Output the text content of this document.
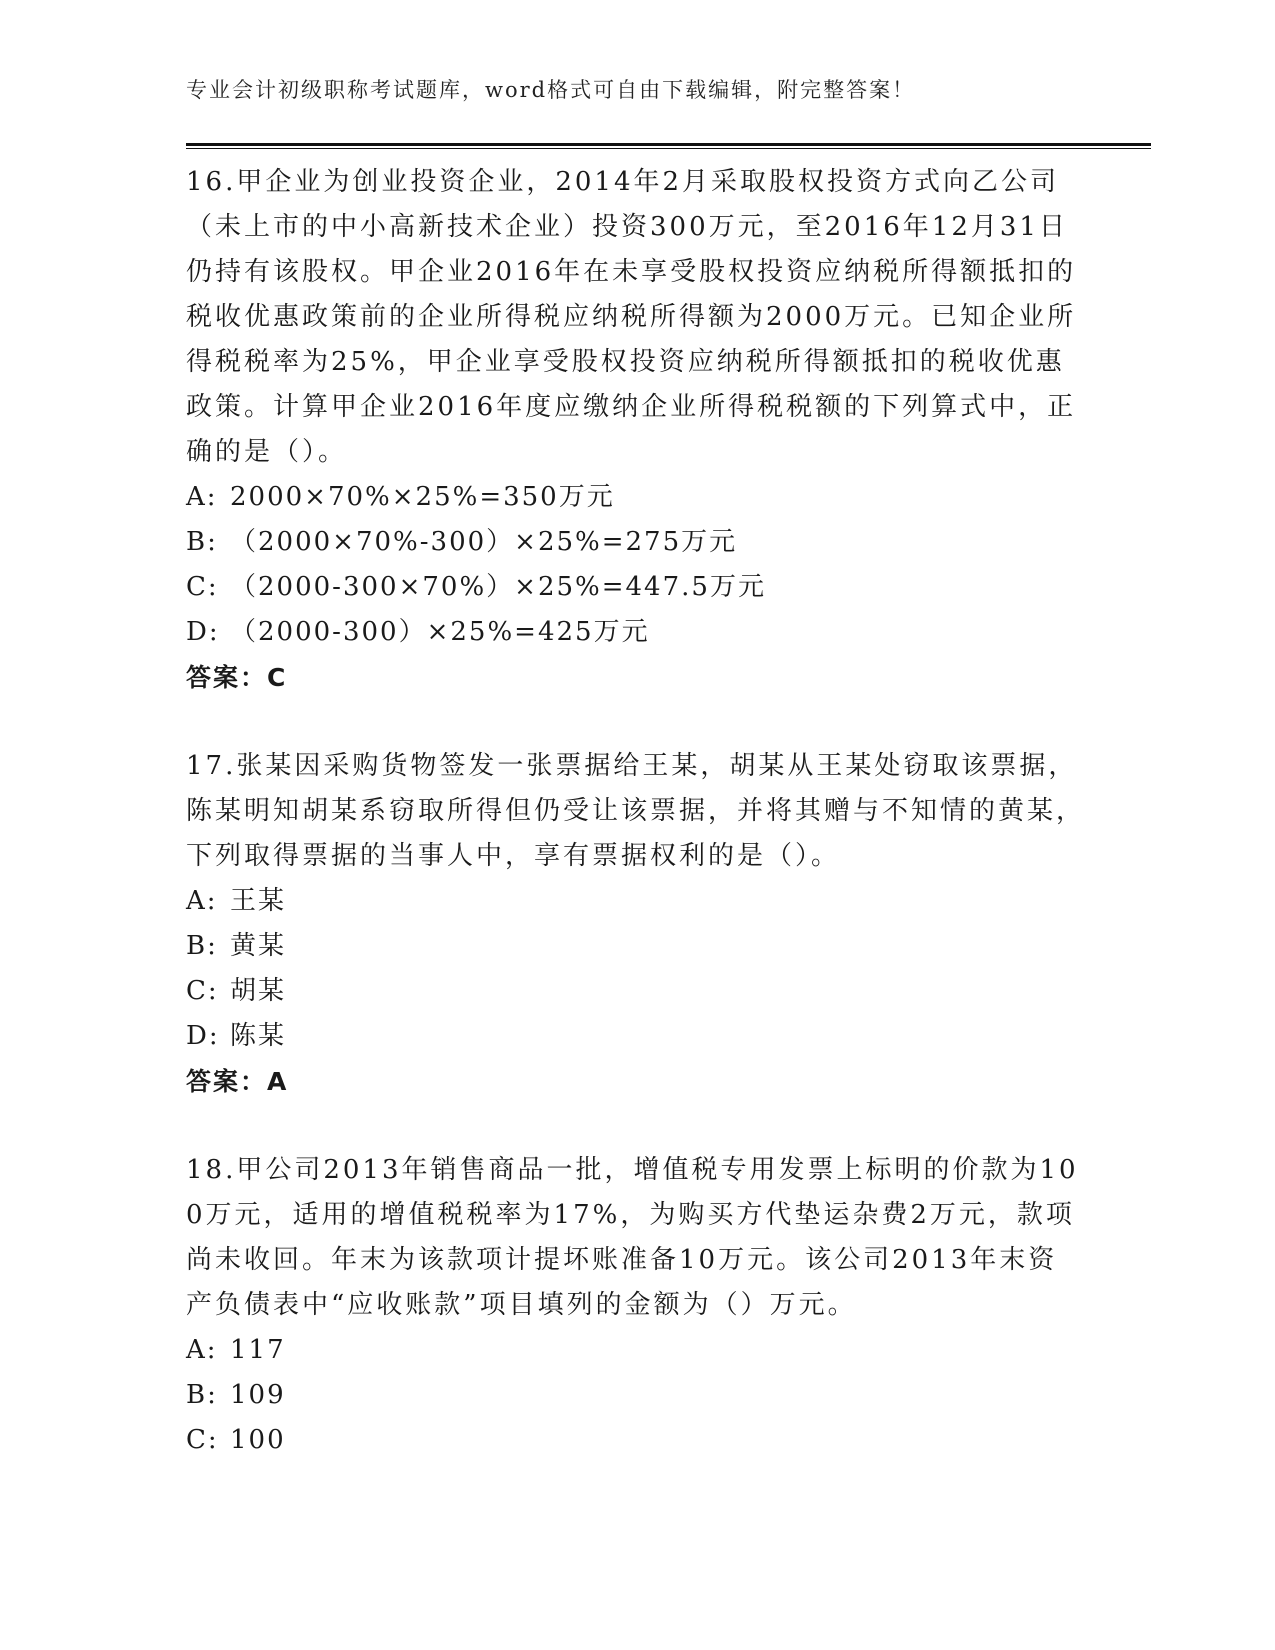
专业会计初级职称考试题库，word格式可自由下载编辑，附完整答案！

16.甲企业为创业投资企业，2014年2月采取股权投资方式向乙公司（未上市的中小高新技术企业）投资300万元，至2016年12月31日仍持有该股权。甲企业2016年在未享受股权投资应纳税所得额抵扣的税收优惠政策前的企业所得税应纳税所得额为2000万元。已知企业所得税税率为25%，甲企业享受股权投资应纳税所得额抵扣的税收优惠政策。计算甲企业2016年度应缴纳企业所得税税额的下列算式中，正确的是（）。

A: 2000×70%×25%=350万元

B: （2000×70%-300）×25%=275万元

C: （2000-300×70%）×25%=447.5万元

D: （2000-300）×25%=425万元

答案：C

17.张某因采购货物签发一张票据给王某，胡某从王某处窃取该票据，陈某明知胡某系窃取所得但仍受让该票据，并将其赠与不知情的黄某，下列取得票据的当事人中，享有票据权利的是（）。

A: 王某

B: 黄某

C: 胡某

D: 陈某

答案：A

18.甲公司2013年销售商品一批，增值税专用发票上标明的价款为100万元，适用的增值税税率为17%，为购买方代垫运杂费2万元，款项尚未收回。年末为该款项计提坏账准备10万元。该公司2013年末资产负债表中“应收账款”项目填列的金额为（）万元。

A: 117

B: 109

C: 100
